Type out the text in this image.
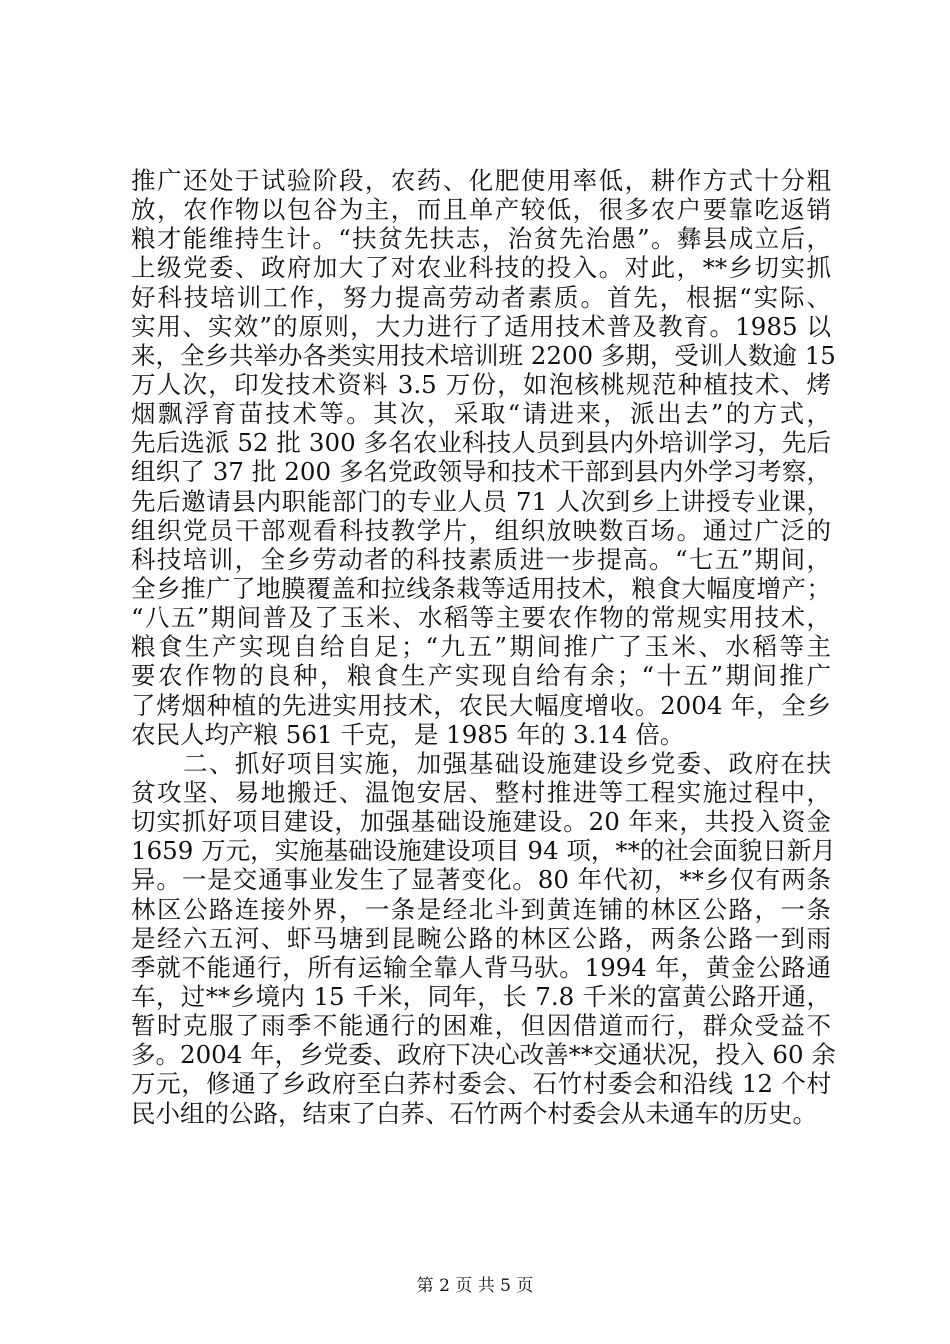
推广还处于试验阶段，农药、化肥使用率低，耕作方式十分粗
放，农作物以包谷为主，而且单产较低，很多农户要靠吃返销
粮才能维持生计。“扶贫先扶志，治贫先治愚”。彝县成立后，
上级党委、政府加大了对农业科技的投入。对此，**乡切实抓
好科技培训工作，努力提高劳动者素质。首先，根据“实际、
实用、实效”的原则，大力进行了适用技术普及教育。1985 以
来，全乡共举办各类实用技术培训班 2200 多期，受训人数逾 15
万人次，印发技术资料 3.5 万份，如泡核桃规范种植技术、烤
烟飘浮育苗技术等。其次，采取“请进来，派出去”的方式，
先后选派 52 批 300 多名农业科技人员到县内外培训学习，先后
组织了 37 批 200 多名党政领导和技术干部到县内外学习考察，
先后邀请县内职能部门的专业人员 71 人次到乡上讲授专业课，
组织党员干部观看科技教学片，组织放映数百场。通过广泛的
科技培训，全乡劳动者的科技素质进一步提高。“七五”期间，
全乡推广了地膜覆盖和拉线条栽等适用技术，粮食大幅度增产；
“八五”期间普及了玉米、水稻等主要农作物的常规实用技术，
粮食生产实现自给自足；“九五”期间推广了玉米、水稻等主
要农作物的良种，粮食生产实现自给有余；“十五”期间推广
了烤烟种植的先进实用技术，农民大幅度增收。2004 年，全乡
农民人均产粮 561 千克，是 1985 年的 3.14 倍。
　　二、抓好项目实施，加强基础设施建设乡党委、政府在扶
贫攻坚、易地搬迁、温饱安居、整村推进等工程实施过程中，
切实抓好项目建设，加强基础设施建设。20 年来，共投入资金
1659 万元，实施基础设施建设项目 94 项，**的社会面貌日新月
异。一是交通事业发生了显著变化。80 年代初，**乡仅有两条
林区公路连接外界，一条是经北斗到黄连铺的林区公路，一条
是经六五河、虾马塘到昆畹公路的林区公路，两条公路一到雨
季就不能通行，所有运输全靠人背马驮。1994 年，黄金公路通
车，过**乡境内 15 千米，同年，长 7.8 千米的富黄公路开通，
暂时克服了雨季不能通行的困难，但因借道而行，群众受益不
多。2004 年，乡党委、政府下决心改善**交通状况，投入 60 余
万元，修通了乡政府至白荞村委会、石竹村委会和沿线 12 个村
民小组的公路，结束了白荞、石竹两个村委会从未通车的历史。
第 2 页 共 5 页
